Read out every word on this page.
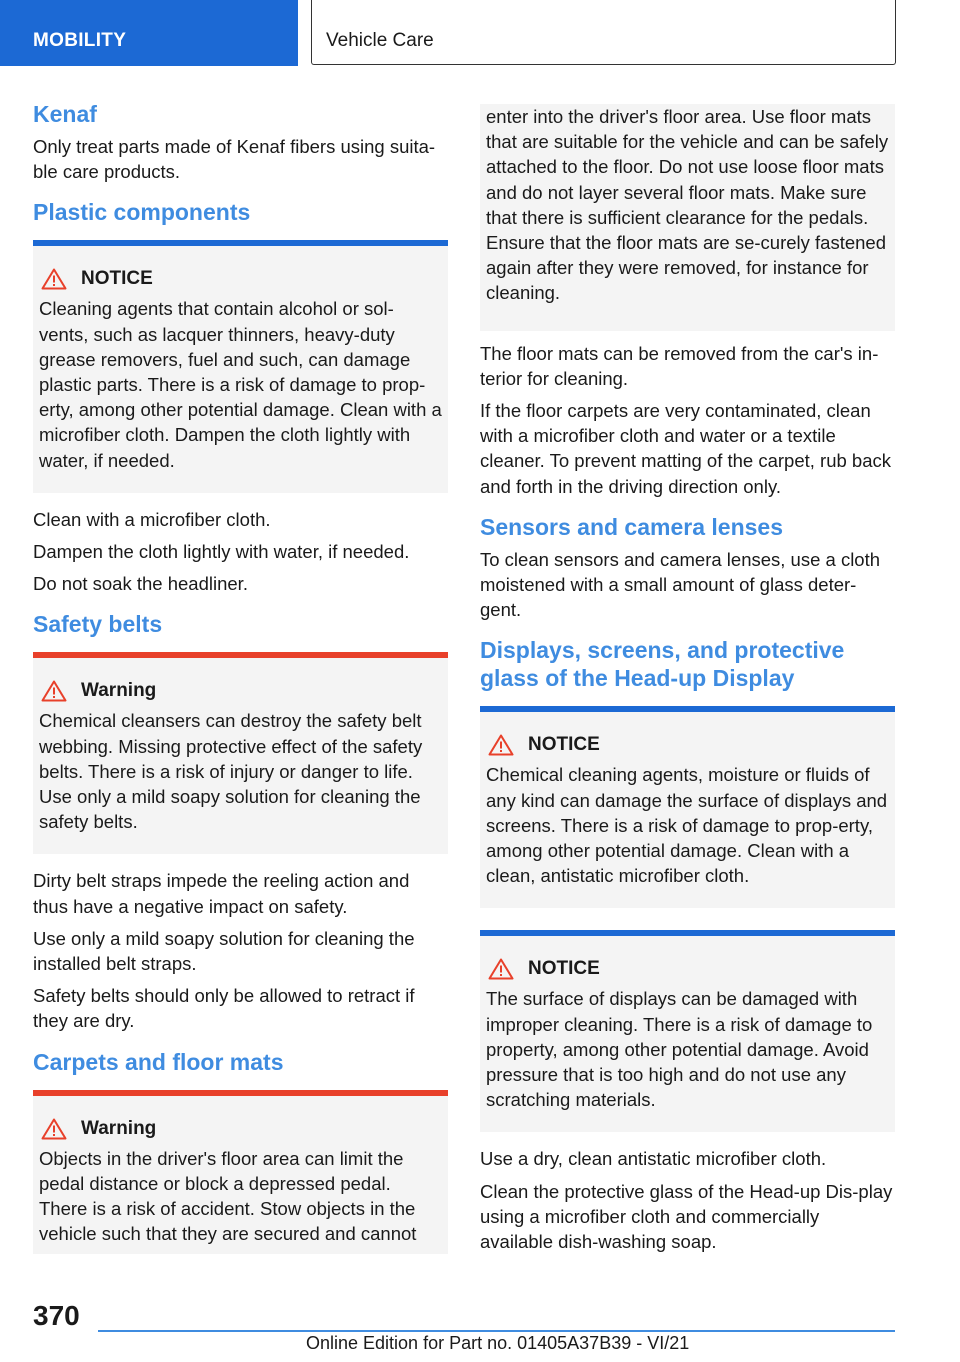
MOBILITY	Vehicle Care
Kenaf

Only treat parts made of Kenaf fibers using suita-ble care products.

Plastic components
NOTICE

Cleaning agents that contain alcohol or sol-vents, such as lacquer thinners, heavy-duty grease removers, fuel and such, can damage plastic parts. There is a risk of damage to prop-erty, among other potential damage. Clean with a microfiber cloth. Dampen the cloth lightly with water, if needed.

Clean with a microfiber cloth.

Dampen the cloth lightly with water, if needed.

Do not soak the headliner.

Safety belts
Warning

Chemical cleansers can destroy the safety belt webbing. Missing protective effect of the safety belts. There is a risk of injury or danger to life. Use only a mild soapy solution for cleaning the safety belts.

Dirty belt straps impede the reeling action and thus have a negative impact on safety.

Use only a mild soapy solution for cleaning the installed belt straps.

Safety belts should only be allowed to retract if they are dry.

Carpets and floor mats
Warning

Objects in the driver's floor area can limit the pedal distance or block a depressed pedal. There is a risk of accident. Stow objects in the vehicle such that they are secured and cannot

enter into the driver's floor area. Use floor mats that are suitable for the vehicle and can be safely attached to the floor. Do not use loose floor mats and do not layer several floor mats. Make sure that there is sufficient clearance for the pedals. Ensure that the floor mats are se-curely fastened again after they were removed, for instance for cleaning.

The floor mats can be removed from the car's in-terior for cleaning.

If the floor carpets are very contaminated, clean with a microfiber cloth and water or a textile cleaner. To prevent matting of the carpet, rub back and forth in the driving direction only.

Sensors and camera lenses

To clean sensors and camera lenses, use a cloth moistened with a small amount of glass deter-gent.

Displays, screens, and protective glass of the Head-up Display
NOTICE

Chemical cleaning agents, moisture or fluids of any kind can damage the surface of displays and screens. There is a risk of damage to prop-erty, among other potential damage. Clean with a clean, antistatic microfiber cloth.

NOTICE

The surface of displays can be damaged with improper cleaning. There is a risk of damage to property, among other potential damage. Avoid pressure that is too high and do not use any scratching materials.

Use a dry, clean antistatic microfiber cloth.

Clean the protective glass of the Head-up Dis-play using a microfiber cloth and commercially available dish-washing soap.

370
Online Edition for Part no. 01405A37B39 - VI/21
